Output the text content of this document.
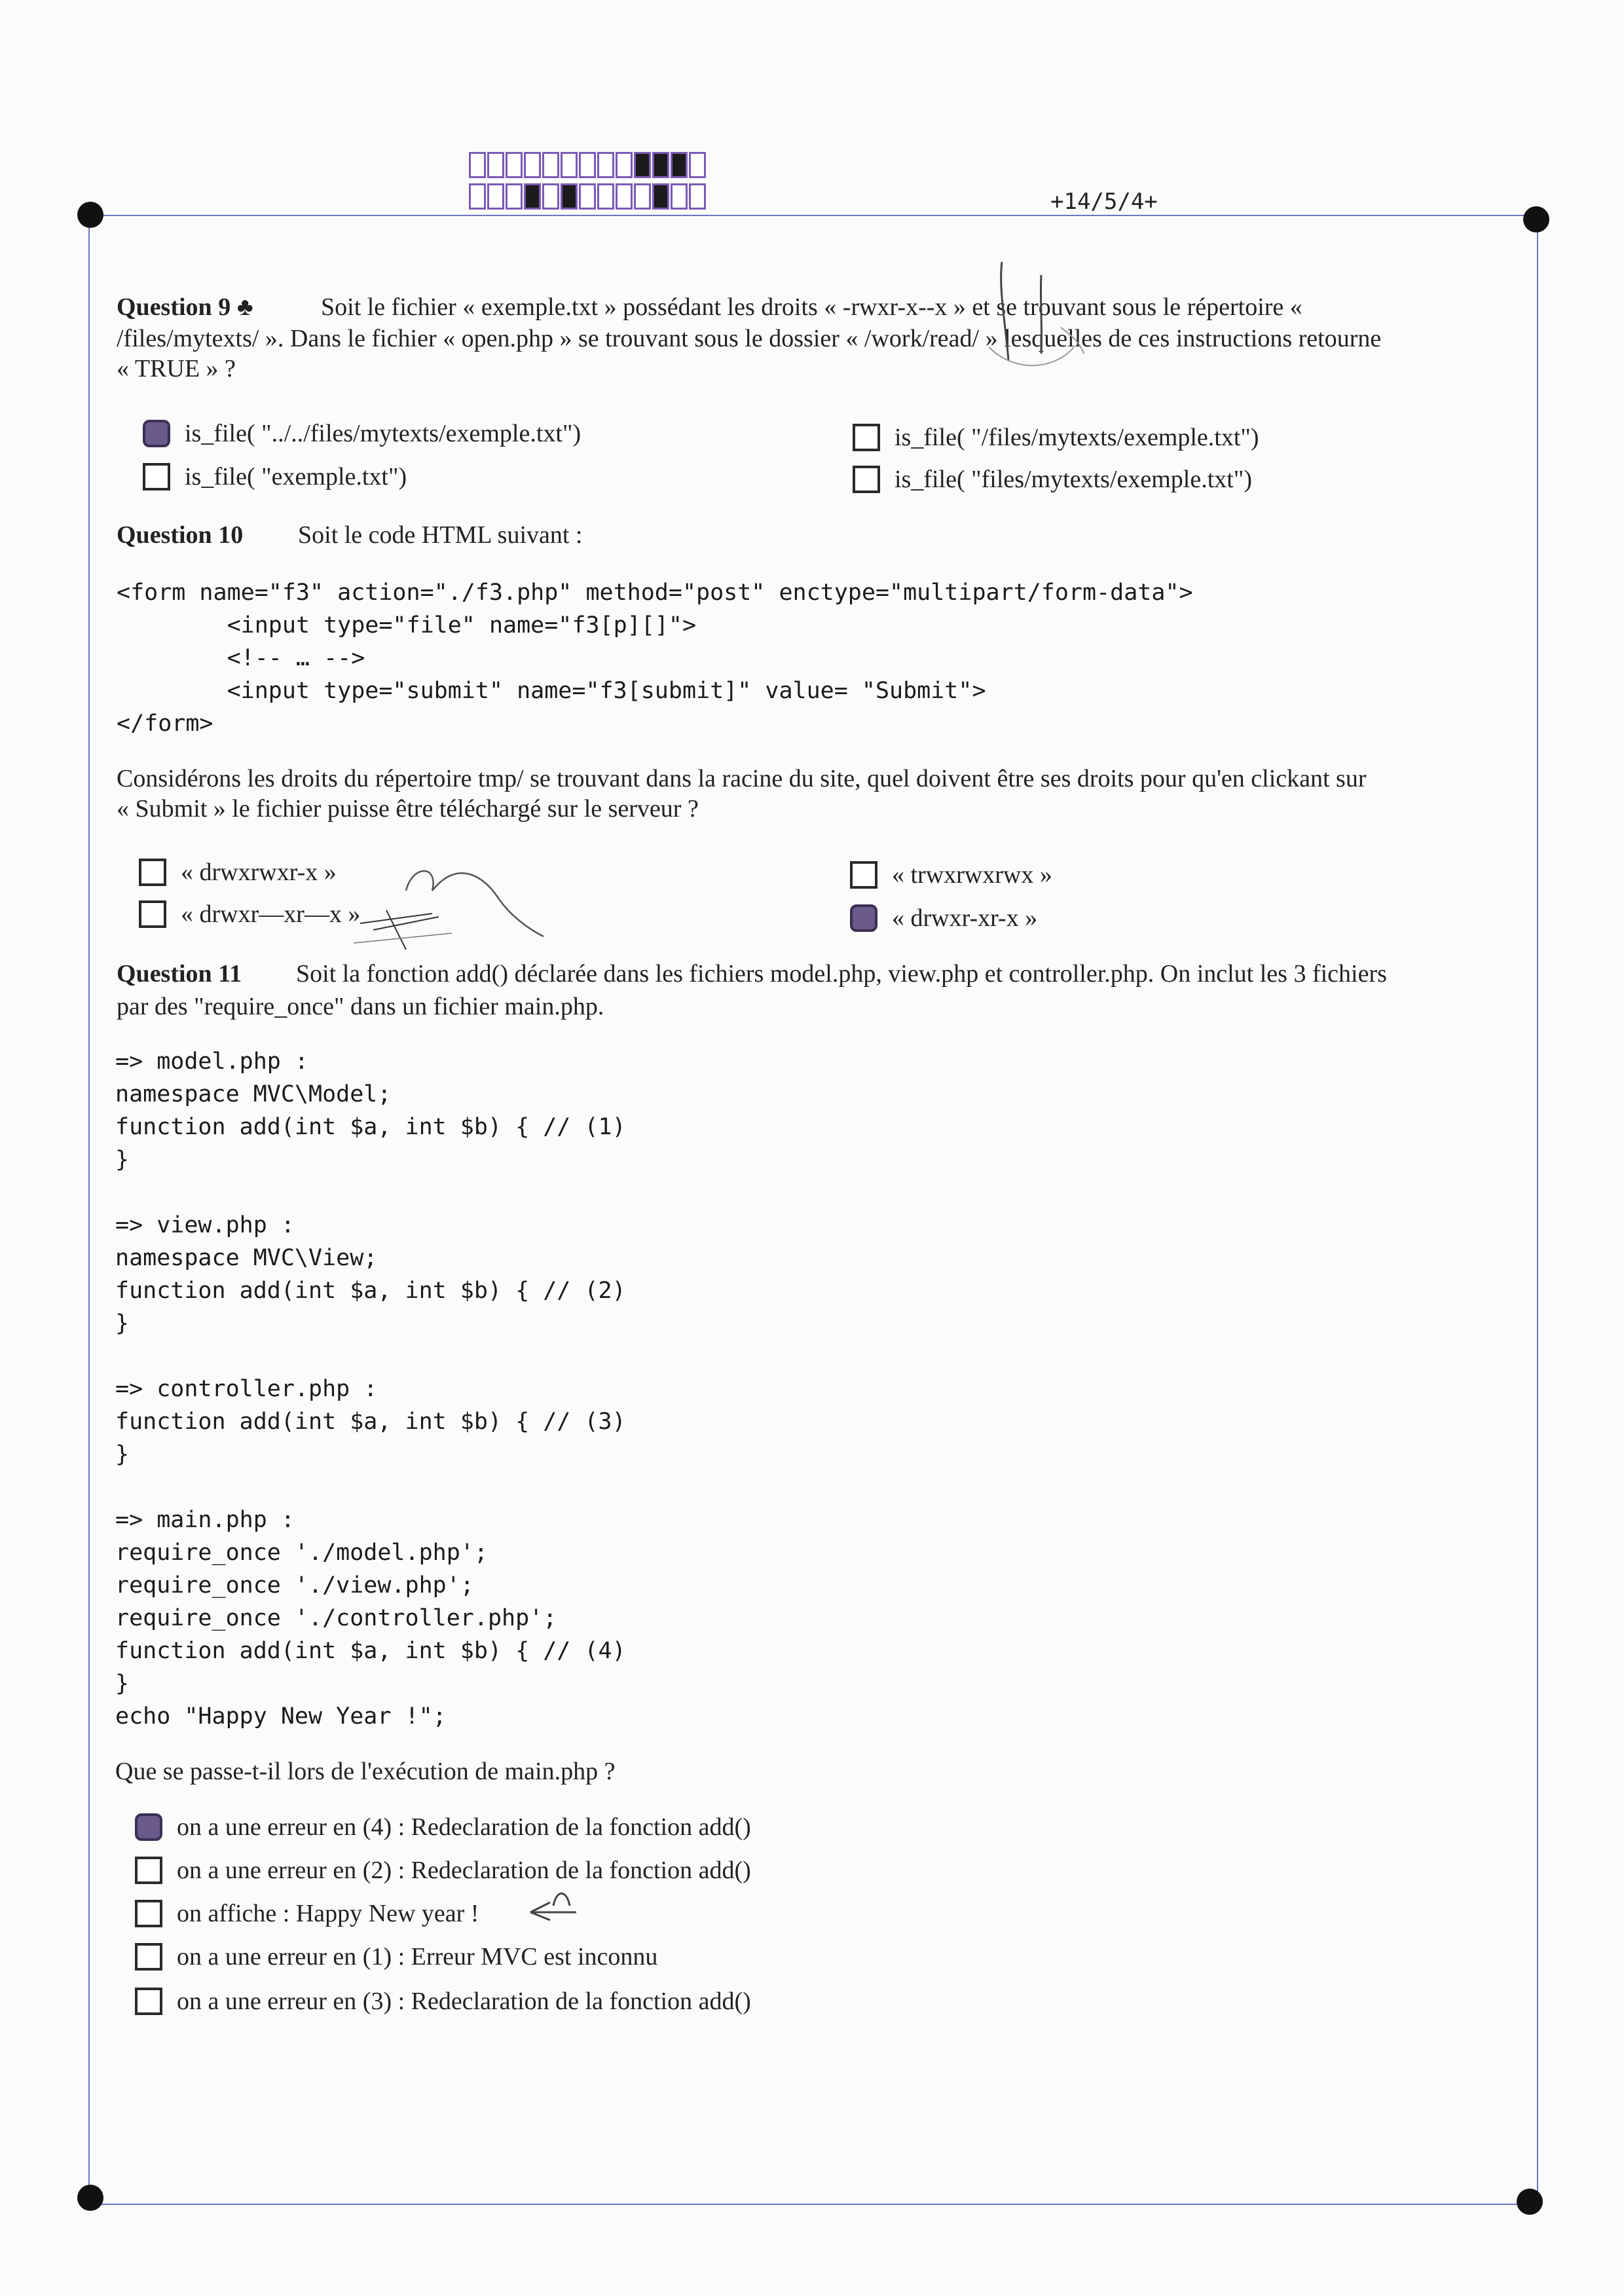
+14/5/4+
Question 9 ♣	Soit le fichier « exemple.txt » possédant les droits « -rwxr-x--x » et se trouvant sous le répertoire «
/files/mytexts/ ». Dans le fichier « open.php » se trouvant sous le dossier « /work/read/ » lesquelles de ces instructions retourne
« TRUE » ?
is_file( "../../files/mytexts/exemple.txt")	is_file( "/files/mytexts/exemple.txt")
is_file( "exemple.txt")	is_file( "files/mytexts/exemple.txt")
Question 10 Soit le code HTML suivant :
<form name="f3" action="./f3.php" method="post" enctype="multipart/form-data">
<input type="file" name="f3[p][]">
<!-- … -->
<input type="submit" name="f3[submit]" value= "Submit">
</form>
Considérons les droits du répertoire tmp/ se trouvant dans la racine du site, quel doivent être ses droits pour qu'en clickant sur
« Submit » le fichier puisse être téléchargé sur le serveur ?
« drwxrwxr-x »	« trwxrwxrwx »
« drwxr—xr—x »	« drwxr-xr-x »
Question 11 Soit la fonction add() déclarée dans les fichiers model.php, view.php et controller.php. On inclut les 3 fichiers
par des "require_once" dans un fichier main.php.
=> model.php :
namespace MVC\Model;
function add(int $a, int $b) { // (1)
}

=> view.php :
namespace MVC\View;
function add(int $a, int $b) { // (2)
}

=> controller.php :
function add(int $a, int $b) { // (3)
}

=> main.php :
require_once './model.php';
require_once './view.php';
require_once './controller.php';
function add(int $a, int $b) { // (4)
}
echo "Happy New Year !";
Que se passe-t-il lors de l'exécution de main.php ?
on a une erreur en (4) : Redeclaration de la fonction add()
on a une erreur en (2) : Redeclaration de la fonction add()
on affiche : Happy New year !
on a une erreur en (1) : Erreur MVC est inconnu
on a une erreur en (3) : Redeclaration de la fonction add()
